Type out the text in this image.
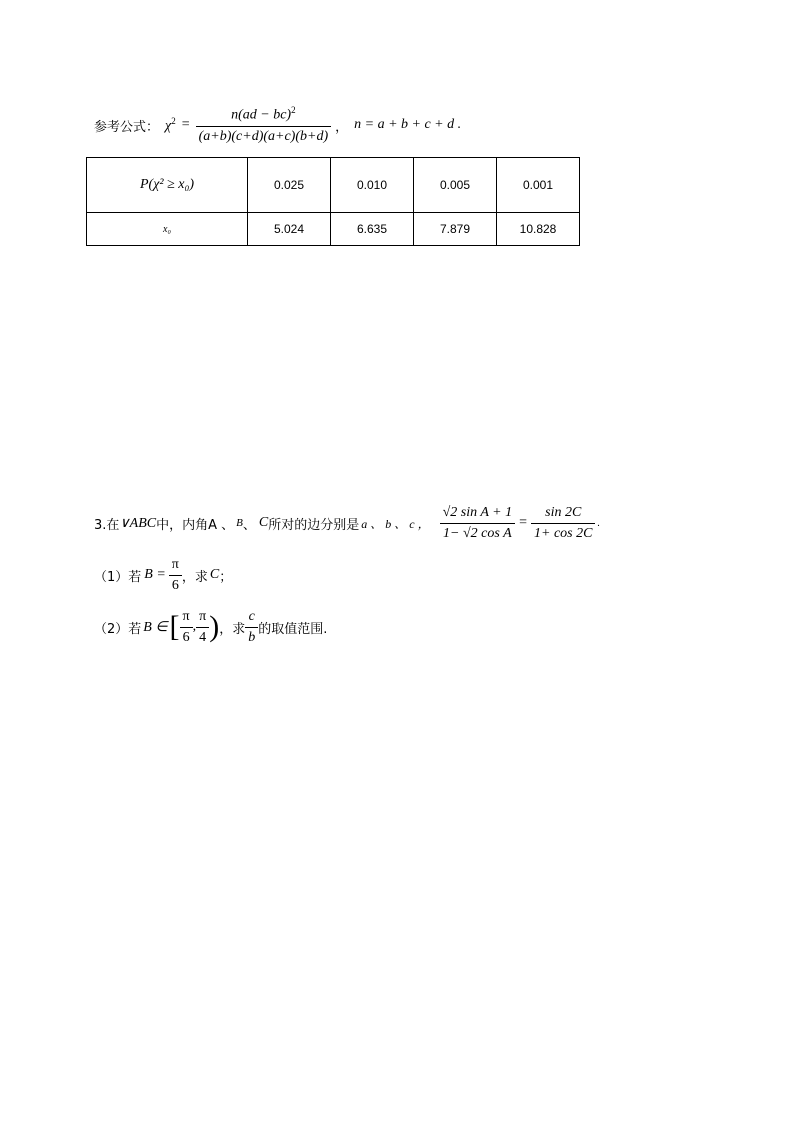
参考公式： $\chi^2 = \frac{n(ad - bc)^2}{(a+b)(c+d)(a+c)(b+d)}$ ， n = a + b + c + d .
P(χ² ≥ x₀)	0.025	0.010	0.005	0.001
x₀	5.024	6.635	7.879	10.828
3.在 ∨ABC 中，内角A 、 B 、 C 所对的边分别是 a 、 b 、 c ， $\frac{\text{√2 sin A + 1}}{\text{1− √2 cos A}} = \frac{\sin 2C}{1+ \cos 2C}$ .
（1）若 $B = \frac{\pi}{6}$ ，求 C ；
（2）若 B ∈ [ $\frac{\pi}{6}$ , $\frac{\pi}{4}$ ) ，求 $\frac{c}{b}$ 的取值范围.
